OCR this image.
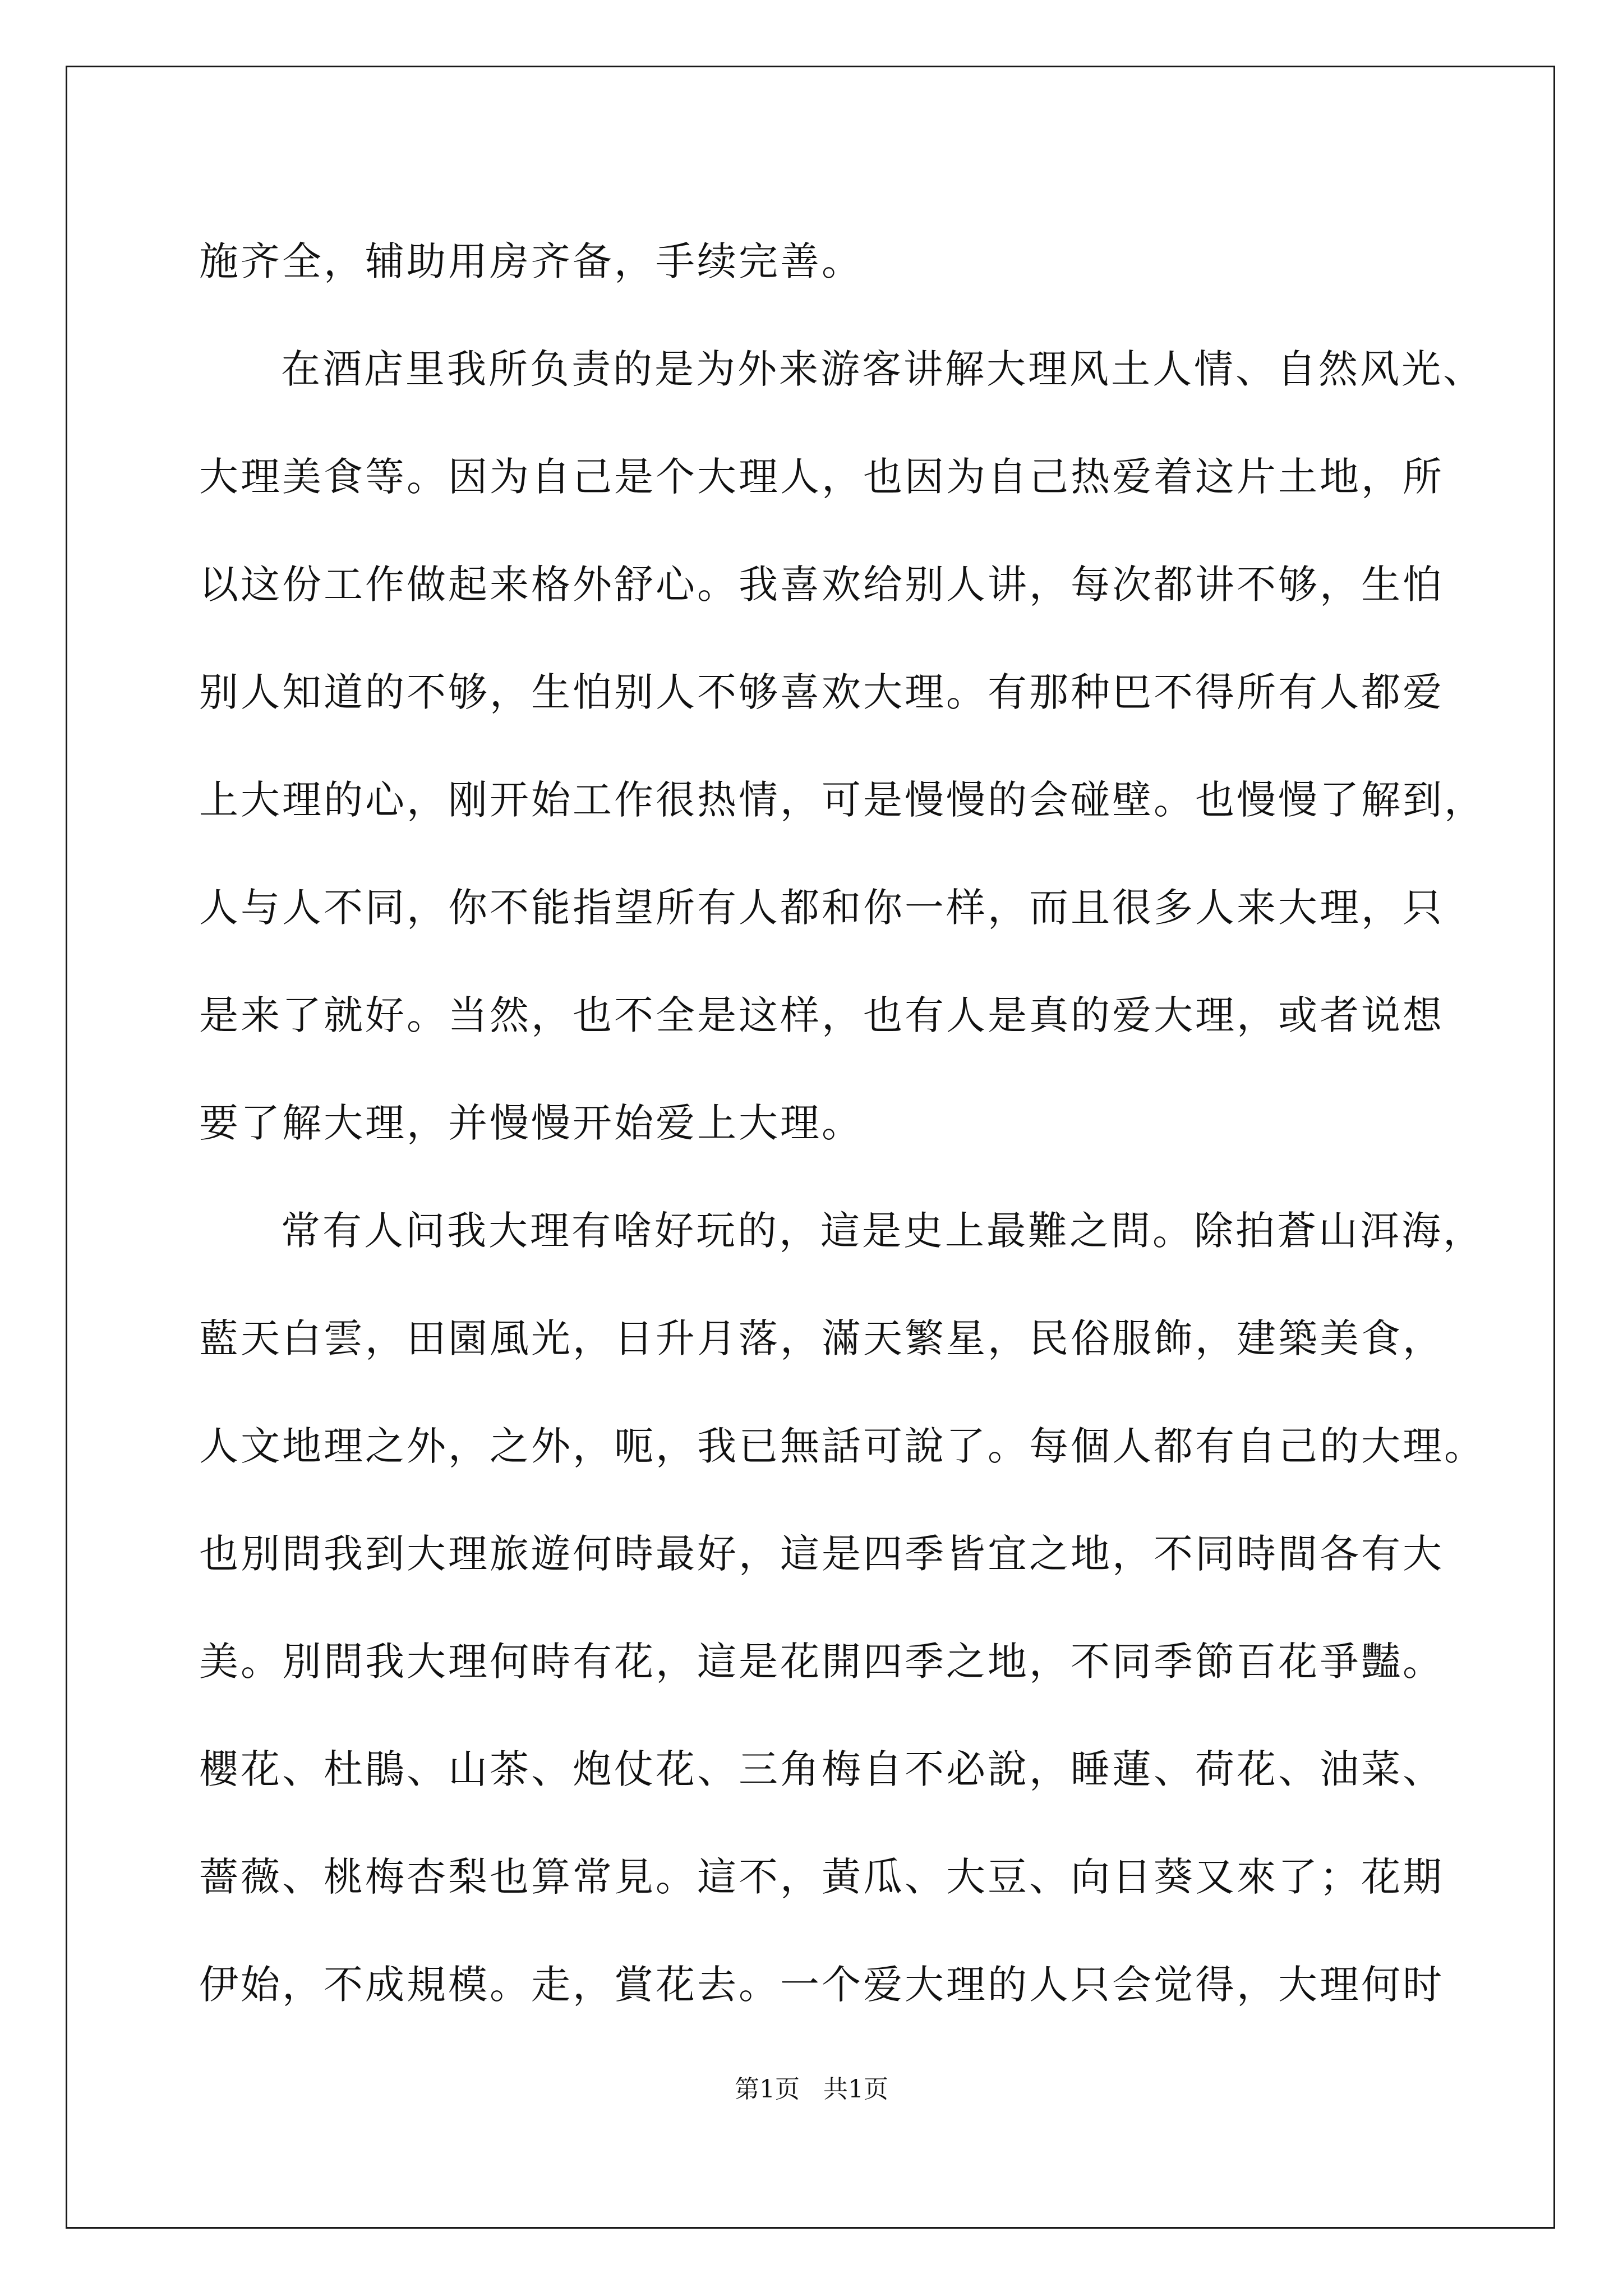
施齐全，辅助用房齐备，手续完善。
在酒店里我所负责的是为外来游客讲解大理风土人情、自然风光、
大理美食等。因为自己是个大理人，也因为自己热爱着这片土地，所
以这份工作做起来格外舒心。我喜欢给别人讲，每次都讲不够，生怕
别人知道的不够，生怕别人不够喜欢大理。有那种巴不得所有人都爱
上大理的心，刚开始工作很热情，可是慢慢的会碰壁。也慢慢了解到，
人与人不同，你不能指望所有人都和你一样，而且很多人来大理，只
是来了就好。当然，也不全是这样，也有人是真的爱大理，或者说想
要了解大理，并慢慢开始爱上大理。
常有人问我大理有啥好玩的，這是史上最難之問。除拍蒼山洱海，
藍天白雲，田園風光，日升月落，滿天繁星，民俗服飾，建築美食，
人文地理之外，之外，呃，我已無話可說了。每個人都有自己的大理。
也別問我到大理旅遊何時最好，這是四季皆宜之地，不同時間各有大
美。別問我大理何時有花，這是花開四季之地，不同季節百花爭豔。
櫻花、杜鵑、山茶、炮仗花、三角梅自不必說，睡蓮、荷花、油菜、
薔薇、桃梅杏梨也算常見。這不，黃瓜、大豆、向日葵又來了；花期
伊始，不成規模。走，賞花去。一个爱大理的人只会觉得，大理何时
第1页   共1页
